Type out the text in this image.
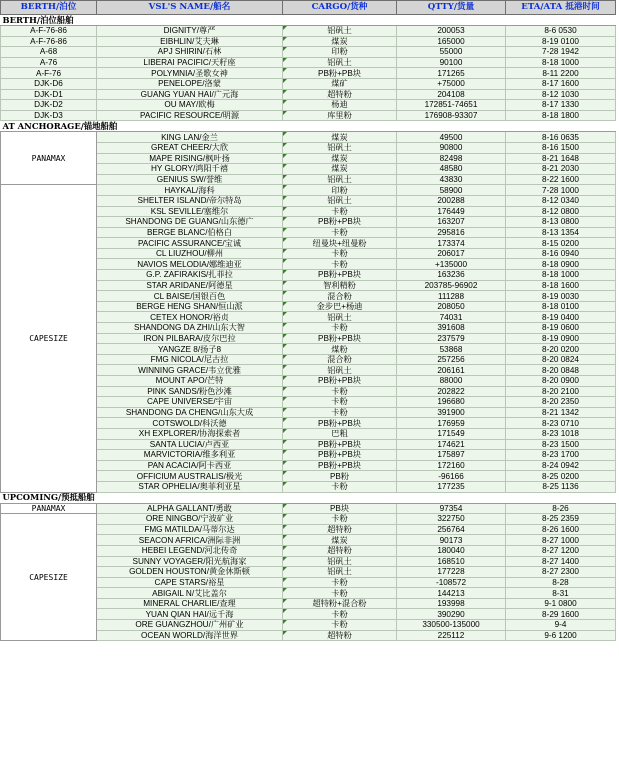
BERTH/泊位	VSL'S NAME/船名	CARGO/货种	QTTY/货量	ETA/ATA 抵港时间
BERTH/泊位船舶				
A-F-76-86	DIGNITY/尊严	铝矾土	200053	8-6 0530
A-F-76-86	EIBHLIN/艾夫琳	煤炭	165000	8-19 0100
A-68	APJ SHIRIN/石林	印粉	55000	7-28 1942
A-76	LIBERAI PACIFIC/天籽座	铝矾土	90100	8-18 1000
A-F-76	POLYMNIA/圣歌女神	PB粉+PB块	171265	8-11 2200
DJK-D6	PENELOPE/洛蒙	煤矿	+75000	8-17 1600
DJK-D1	GUANG YUAN HAI/广元海	超特粉	204108	8-12 1030
DJK-D2	OU MAY/欧梅	杨迪	172851-74651	8-17 1330
DJK-D3	PACIFIC RESOURCE/明源	库里粉	176908-93307	8-18 1800
AT ANCHORAGE/锚地船舶				
PANAMAX	KING LAN/金兰	煤炭	49500	8-16 0635
	GREAT CHEER/大欣	铝矾土	90800	8-16 1500
	MAPE RISING/枫叶扬	煤炭	82498	8-21 1648
	HY GLORY/鸿阳千禧	煤炭	48580	8-21 2030
	GENIUS SW/誉维	铝矾土	43830	8-22 1600
CAPESIZE	HAYKAL/海科	印粉	58900	7-28 1000
	SHELTER ISLAND/帝尔特岛	铝矾土	200288	8-12 0340
	KSL SEVILLE/塞维尔	卡粉	176449	8-12 0800
	SHANDONG DE GUANG/山东德广	PB粉+PB块	163207	8-13 0800
	BERGE BLANC/伯格白	卡粉	295816	8-13 1354
	PACIFIC ASSURANCE/宝诚	纽曼块+纽曼粉	173374	8-15 0200
	CL LIUZHOU/柳州	卡粉	206017	8-16 0940
	NAVIOS MELODIA/娜维迪亚	卡粉	+135000	8-18 0900
	G.P. ZAFIRAKIS/扎菲拉	PB粉+PB块	163236	8-18 1000
	STAR ARIDANE/阿德星	智利精粉	203785-96902	8-18 1600
	CL BAISE/国银百色	混合粉	111288	8-19 0030
	BERGE HENG SHAN/恒山派	金步巴+杨迪	208050	8-18 0100
	CETEX HONOR/裕贞	铝矾土	74031	8-19 0400
	SHANDONG DA ZHI/山东大智	卡粉	391608	8-19 0600
	IRON PILBARA/皮尔巴拉	PB粉+PB块	237579	8-19 0900
	YANGZE 8/扬子8	煤粉	53868	8-20 0200
	FMG NICOLA/尼古拉	混合粉	257256	8-20 0824
	WINNING GRACE/韦立优雅	铝矾土	206161	8-20 0848
	MOUNT APO/芒特	PB粉+PB块	88000	8-20 0900
	PINK SANDS/粉色沙滩	卡粉	202822	8-20 2100
	CAPE UNIVERSE/宇宙	卡粉	196680	8-20 2350
	SHANDONG DA CHENG/山东大成	卡粉	391900	8-21 1342
	COTSWOLD/科沃德	PB粉+PB块	176959	8-23 0710
	XH EXPLORER/协海探索者	巴粗	171549	8-23 1018
	SANTA LUCIA/卢西亚	PB粉+PB块	174621	8-23 1500
	MARVICTORIA/维多利亚	PB粉+PB块	175897	8-23 1700
	PAN ACACIA/阿卡西亚	PB粉+PB块	172160	8-24 0942
	OFFICIUM AUSTRALIS/极光	PB粉	-96166	8-25 0200
	STAR OPHELIA/奥菲利亚星	卡粉	177235	8-25 1136
UPCOMING/预抵船舶				
PANAMAX	ALPHA GALLANT/勇敢	PB块	97354	8-26
CAPESIZE	ORE NINGBO/宁波矿业	卡粉	322750	8-25 2359
	FMG MATILDA/马蒂尔达	超特粉	256764	8-26 1600
	SEACON AFRICA/洲际非洲	煤炭	90173	8-27 1000
	HEBEI LEGEND/河北传奇	超特粉	180040	8-27 1200
	SUNNY VOYAGER/阳光航海家	铝矾土	168510	8-27 1400
	GOLDEN HOUSTON/黄金休斯顿	铝矾土	177228	8-27 2300
	CAPE STARS/裕星	卡粉	-108572	8-28
	ABIGAIL N/艾比盖尔	卡粉	144213	8-31
	MINERAL CHARLIE/查理	超特粉+混合粉	193998	9-1 0800
	YUAN QIAN HAI/远千海	卡粉	390290	8-29 1600
	ORE GUANGZHOU/广州矿业	卡粉	330500-135000	9-4
	OCEAN WORLD/海洋世界	超特粉	225112	9-6 1200
